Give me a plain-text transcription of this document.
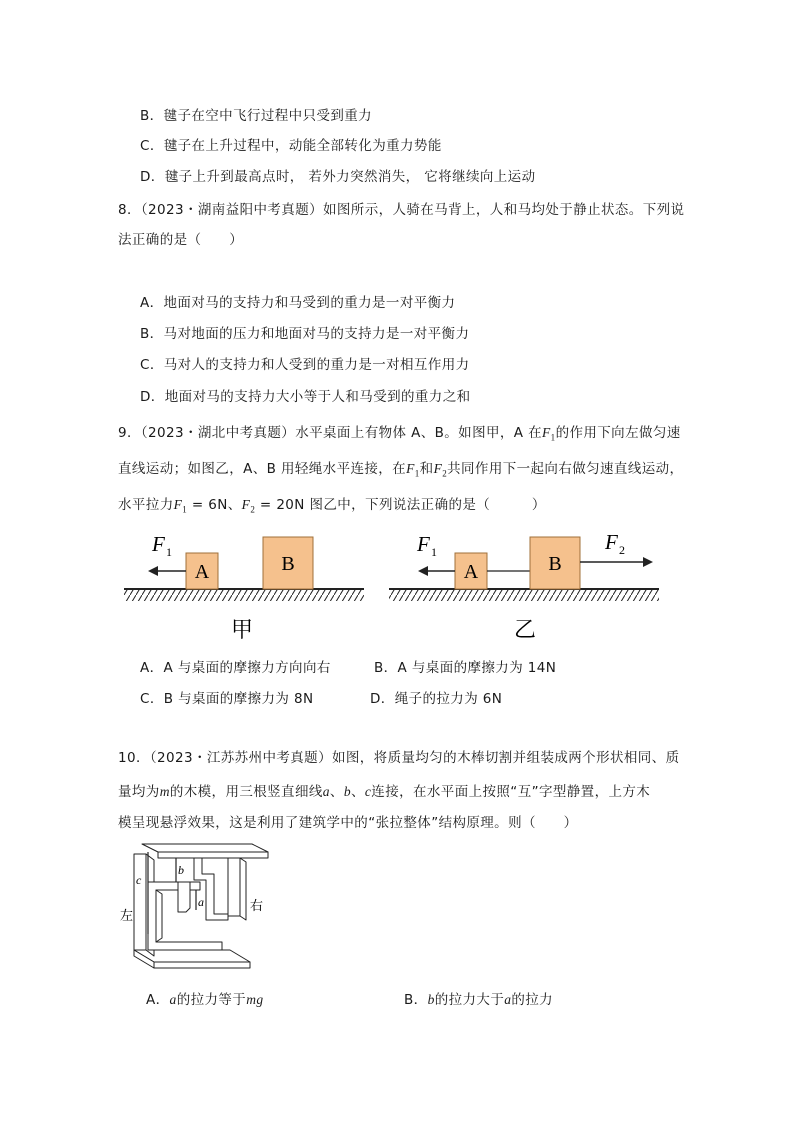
B．毽子在空中飞行过程中只受到重力
C．毽子在上升过程中，动能全部转化为重力势能
D．毽子上升到最高点时， 若外力突然消失， 它将继续向上运动
8．（2023・湖南益阳中考真题）如图所示，人骑在马背上，人和马均处于静止状态。下列说
法正确的是（　　）
A．地面对马的支持力和马受到的重力是一对平衡力
B．马对地面的压力和地面对马的支持力是一对平衡力
C．马对人的支持力和人受到的重力是一对相互作用力
D．地面对马的支持力大小等于人和马受到的重力之和
9．（2023・湖北中考真题）水平桌面上有物体 A、B。如图甲，A 在$F_1$的作用下向左做匀速
直线运动；如图乙，A、B 用轻绳水平连接，在$F_1$和$F_2$共同作用下一起向右做匀速直线运动，
水平拉力$F_1 = 6N$、$F_2 = 20N$ 图乙中，下列说法正确的是（　　　）
A	B
F 1
甲
A	B
F 1	F 2
乙
A．A 与桌面的摩擦力方向向右	B．A 与桌面的摩擦力为 14N
C．B 与桌面的摩擦力为 8N	D．绳子的拉力为 6N
10．（2023・江苏苏州中考真题）如图，将质量均匀的木棒切割并组装成两个形状相同、质
量均为m的木模，用三根竖直细线a、b、c连接，在水平面上按照“互”字型静置，上方木
模呈现悬浮效果，这是利用了建筑学中的“张拉整体”结构原理。则（　　）
c
b
a
左
右
A．a的拉力等于mg	B．b的拉力大于a的拉力
